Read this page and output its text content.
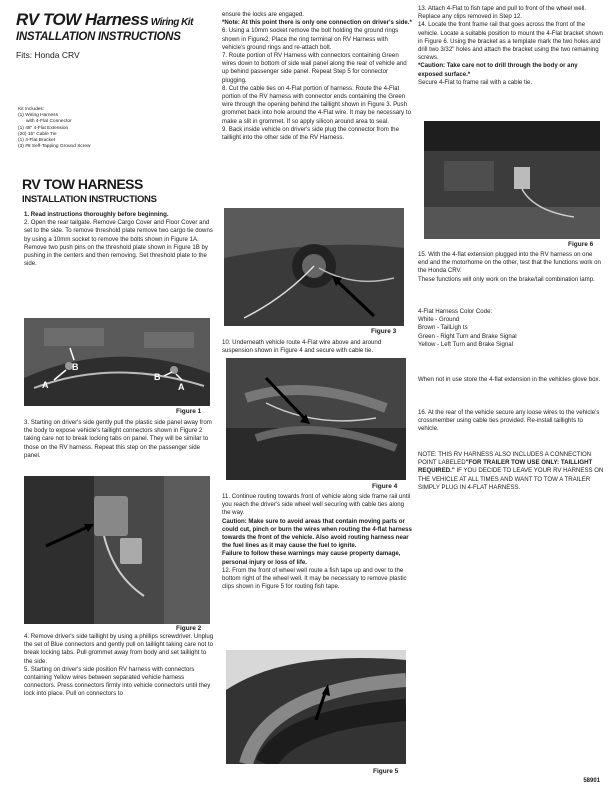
RV TOW Harness Wiring Kit
INSTALLATION INSTRUCTIONS
Fits: Honda CRV
Kit Includes:
(1) Wiring Harness
with 4-Flat Connector
(1) 48" 4-Flat Extension
(20) 15" Cable Tie
(1) 4-Flat Bracket
(3) #8 Self-Tapping Ground Screw
RV TOW HARNESS
INSTALLATION INSTRUCTIONS

1. Read instructions thoroughly before beginning.

2. Open the rear tailgate. Remove Cargo Cover and Floor Cover and set to the side. To remove threshold plate remove two cargo tie downs by using a 10mm socket to remove the bolts shown in Figure 1A. Remove two push pins on the threshold plate shown in Figure 1B by pushing in the centers and then removing. Set threshold plate to the side.

A
B
B
A
Figure 1

3. Starting on driver's side gently pull the plastic side panel away from the body to expose vehicle's taillight connectors shown in Figure 2 taking care not to break locking tabs on panel. They will be similar to those on the RV harness. Repeat this step on the passenger side panel.

Figure 2

4. Remove driver's side taillight by using a phillips screwdriver. Unplug the set of Blue connectors and gently pull on taillight taking care not to break locking tabs. Pull grommet away from body and set taillight to the side.

5. Starting on driver's side position RV harness with connectors containing Yellow wires between separated vehicle harness connectors. Press connectors firmly into vehicle connectors until they lock into place. Pull on connectors to

ensure the locks are engaged.

*Note: At this point there is only one connection on driver's side.*

6. Using a 10mm socket remove the bolt holding the ground rings shown in Figure2. Place the ring terminal on RV Harness with vehicle's ground rings and re-attach bolt.

7. Route portion of RV Harness with connectors containing Green wires down to bottom of side wall panel along the rear of vehicle and up behind passenger side panel. Repeat Step 5 for connector plugging.

8. Cut the cable ties on 4-Flat portion of harness. Route the 4-Flat portion of the RV harness with connector ends containing the Green wire through the opening behind the taillight shown in Figure 3. Push grommet back into hole around the 4-Flat wire. It may be necessary to make a slit in grommet. If so apply silicon around area to seal.

9. Back inside vehicle on driver's side plug the connector from the taillight into the other side of the RV Harness.

Figure 3

10. Underneath vehicle route 4-Flat wire above and around suspension shown in Figure 4 and secure with cable tie.

Figure 4

11. Continue routing towards front of vehicle along side frame rail until you reach the driver's side wheel well securing with cable ties along the way.

Caution: Make sure to avoid areas that contain moving parts or could cut, pinch or burn the wires when routing the 4-flat harness towards the front of the vehicle. Also avoid routing harness near the fuel lines as it may cause the fuel to ignite.

Failure to follow these warnings may cause property damage, personal injury or loss of life.

12. From the front of wheel well route a fish tape up and over to the bottom right of the wheel well. It may be necessary to remove plastic clips shown in Figure 5 for routing fish tape.

Figure 5

13. Attach 4-Flat to fish tape and pull to front of the wheel well. Replace any clips removed in Step 12.

14. Locate the front frame rail that goes across the front of the vehicle. Locate a suitable position to mount the 4-Flat bracket shown in Figure 6. Using the bracket as a template mark the two holes and drill two 3/32" holes and attach the bracket using the two remaining screws.

*Caution: Take care not to drill through the body or any exposed surface.*

Secure 4-Flat to frame rail with a cable tie.

Figure 6

15. With the 4-flat extension plugged into the RV harness on one end and the motorhome on the other, test that the functions work on the Honda CRV.

These functions will only work on the brake/tail combination lamp.

4-Flat Harness Color Code:

White - Ground

Brown - TailLigh ts

Green - Right Turn and Brake Signal

Yellow - Left Turn and Brake Signal

When not in use store the 4-flat extension in the vehicles glove box.

16. At the rear of the vehicle secure any loose wires to the vehicle's crossmember using cable ties provided. Re-install taillights to vehicle.

NOTE: THIS RV HARNESS ALSO INCLUDES A CONNECTION POINT LABELED"FOR TRAILER TOW USE ONLY: TAILLIGHT REQUIRED." IF YOU DECIDE TO LEAVE YOUR RV HARNESS ON THE VEHICLE AT ALL TIMES AND WANT TO TOW A TRAILER SIMPLY PLUG IN 4-FLAT HARNESS.

58901
